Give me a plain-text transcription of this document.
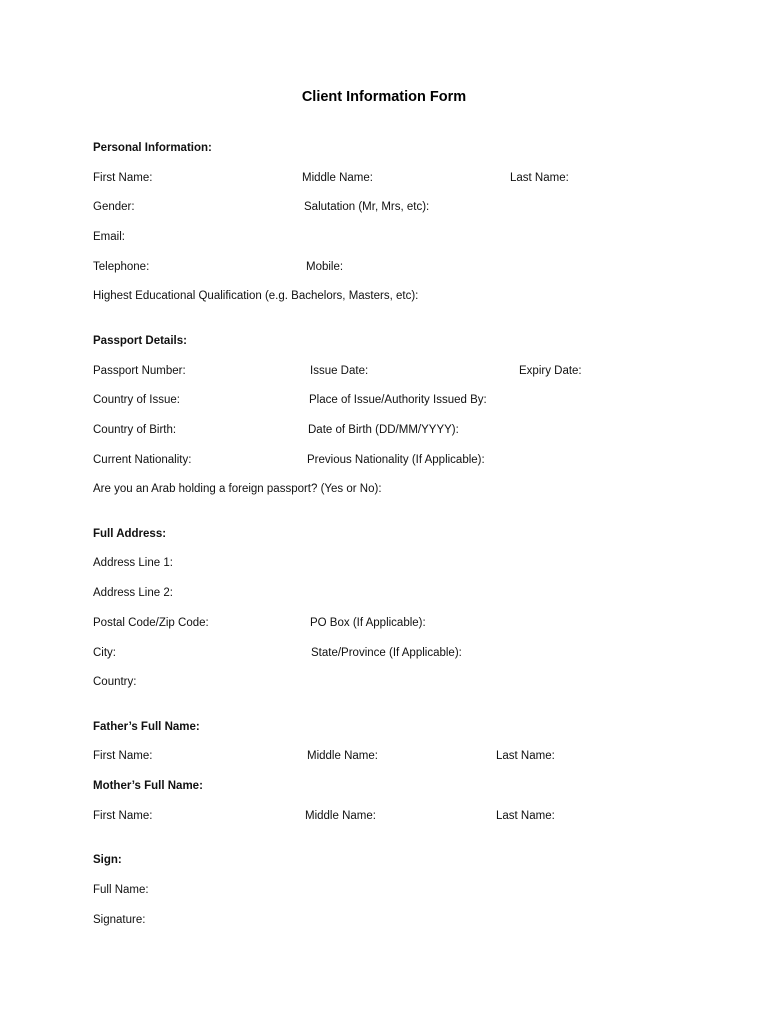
Client Information Form
Personal Information:
First Name:	Middle Name:	Last Name:
Gender:	Salutation (Mr, Mrs, etc):
Email:
Telephone:	Mobile:
Highest Educational Qualification (e.g. Bachelors, Masters, etc):
Passport Details:
Passport Number:	Issue Date:	Expiry Date:
Country of Issue:	Place of Issue/Authority Issued By:
Country of Birth:	Date of Birth (DD/MM/YYYY):
Current Nationality:	Previous Nationality (If Applicable):
Are you an Arab holding a foreign passport? (Yes or No):
Full Address:
Address Line 1:
Address Line 2:
Postal Code/Zip Code:	PO Box (If Applicable):
City:	State/Province (If Applicable):
Country:
Father’s Full Name:
First Name:	Middle Name:	Last Name:
Mother’s Full Name:
First Name:	Middle Name:	Last Name:
Sign:
Full Name:
Signature:
